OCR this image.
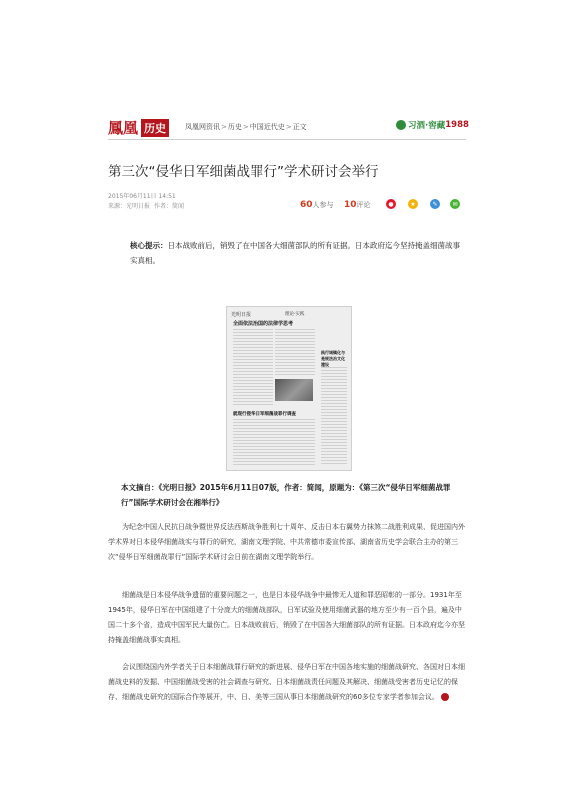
鳳凰 历史	凤凰网资讯>历史>中国近代史>正文	习酒·窖藏 1988
第三次“侵华日军细菌战罪行”学术研讨会举行
2015年06月11日 14:51
来源：光明日报 作者：简闻	60人参与 10评论	●	★	✎	✉
核心提示：日本战败前后，销毁了在中国各大细菌部队的所有证据。日本政府迄今坚持掩盖细菌战事实真相。
光明日报	理论·实践
全面依法治国的法律学思考
践行城镇化与是规法治文化建设
就现行侵华日军细菌战罪行调查
本文摘自：《光明日报》2015年6月11日07版，作者：简闻，原题为：《第三次“侵华日军细菌战罪行”国际学术研讨会在湘举行》
为纪念中国人民抗日战争暨世界反法西斯战争胜利七十周年、反击日本右翼势力抹煞二战胜利成果、促进国内外学术界对日本侵华细菌战实与罪行的研究，湖南文理学院、中共常德市委宣传部、湖南省历史学会联合主办的第三次“侵华日军细菌战罪行”国际学术研讨会日前在湖南文理学院举行。
细菌战是日本侵华战争遗留的重要问题之一，也是日本侵华战争中最惨无人道和罪恶昭彰的一部分。1931年至1945年，侵华日军在中国组建了十分庞大的细菌战部队，日军试验及使用细菌武器的地方至少有一百个县，遍及中国二十多个省，造成中国军民大量伤亡。日本战败前后，销毁了在中国各大细菌部队的所有证据。日本政府迄今亦坚持掩盖细菌战事实真相。
会议围绕国内外学者关于日本细菌战罪行研究的新进展、侵华日军在中国各地实施的细菌战研究、各国对日本细菌战史料的发掘、中国细菌战受害的社会调查与研究、日本细菌战责任问题及其解决、细菌战受害者历史记忆的保存、细菌战史研究的国际合作等展开，中、日、美等三国从事日本细菌战研究的60多位专家学者参加会议。
